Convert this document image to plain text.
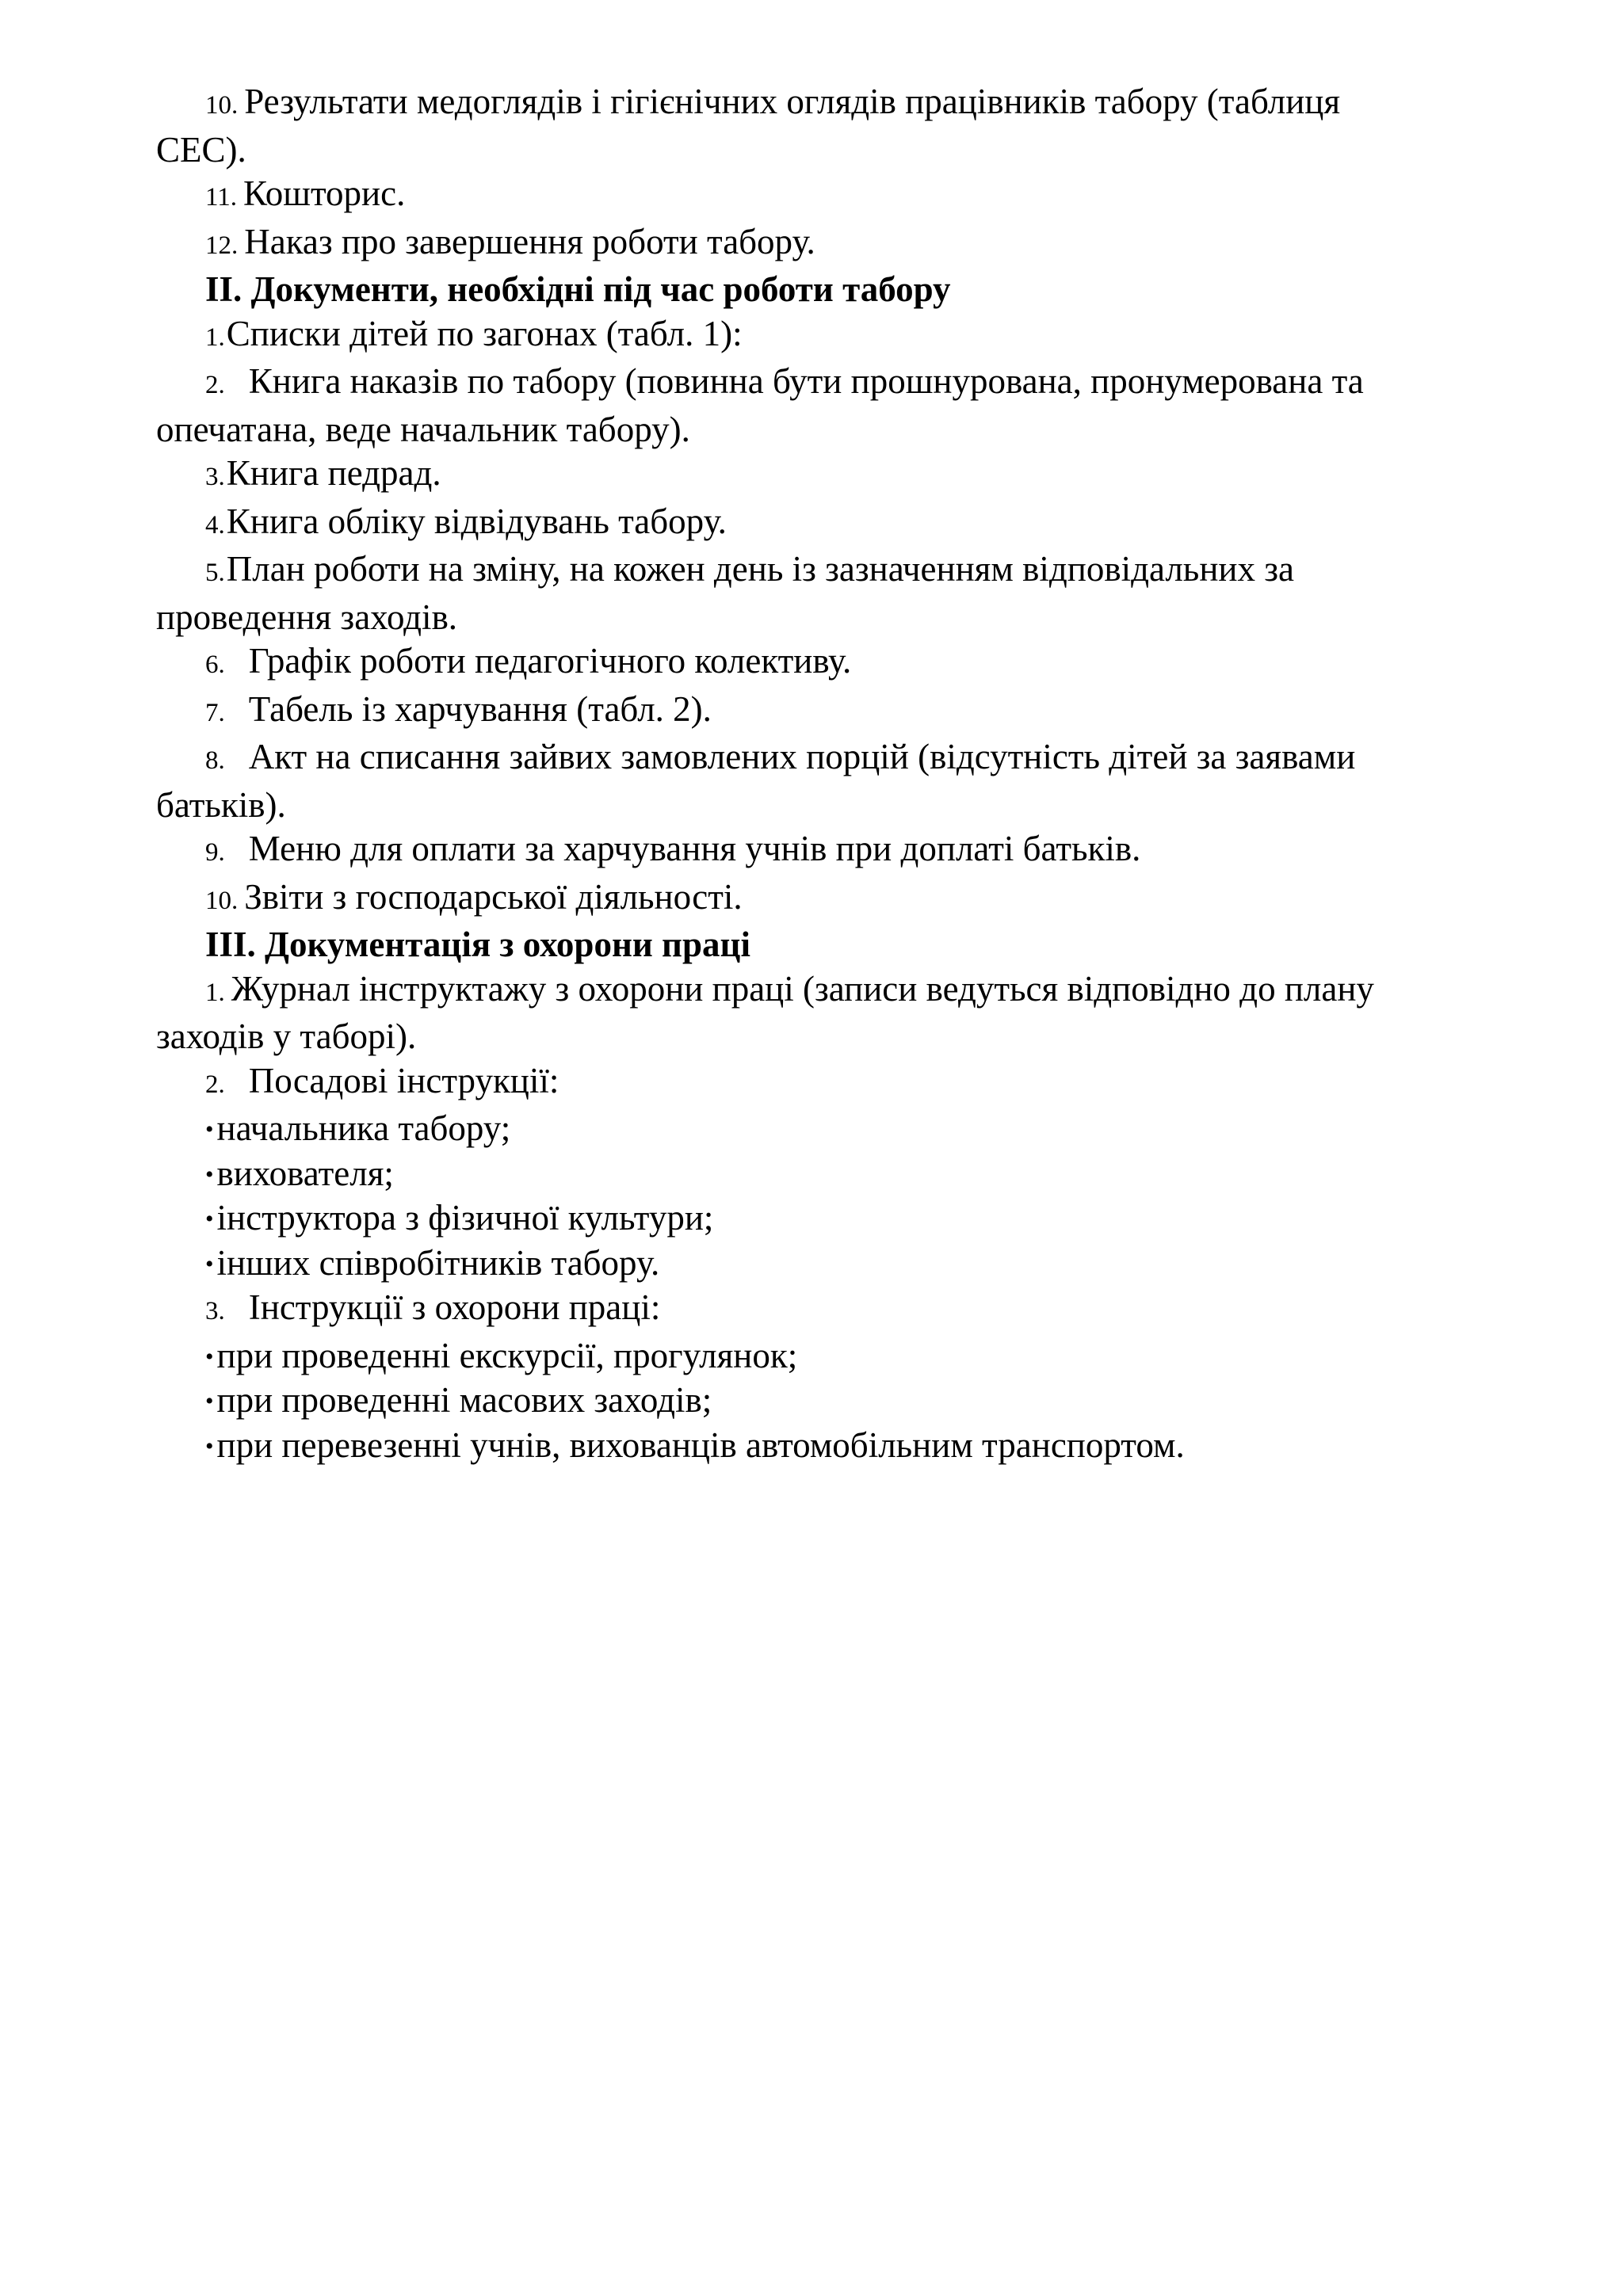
10. Результати медоглядів і гігієнічних оглядів працівників табору (таблиця

СЕС).

11. Кошторис.

12. Наказ про завершення роботи табору.

ІІ. Документи, необхідні під час роботи табору

1.Списки дітей по загонах (табл. 1):

2. Книга наказів по табору (повинна бути прошнурована, пронумерована та

опечатана, веде начальник табору).

3.Книга педрад.

4.Книга обліку відвідувань табору.

5.План роботи на зміну, на кожен день із зазначенням відповідальних за

проведення заходів.

6. Графік роботи педагогічного колективу.

7. Табель із харчування (табл. 2).

8. Акт на списання зайвих замовлених порцій (відсутність дітей за заявами

батьків).

9. Меню для оплати за харчування учнів при доплаті батьків.

10. Звіти з господарської діяльності.

ІІІ. Документація з охорони праці

1. Журнал інструктажу з охорони праці (записи ведуться відповідно до плану

заходів у таборі).

2. Посадові інструкції:

•начальника табору;

•вихователя;

•інструктора з фізичної культури;

•інших співробітників табору.

3. Інструкції з охорони праці:

•при проведенні екскурсії, прогулянок;

•при проведенні масових заходів;

•при перевезенні учнів, вихованців автомобільним транспортом.
